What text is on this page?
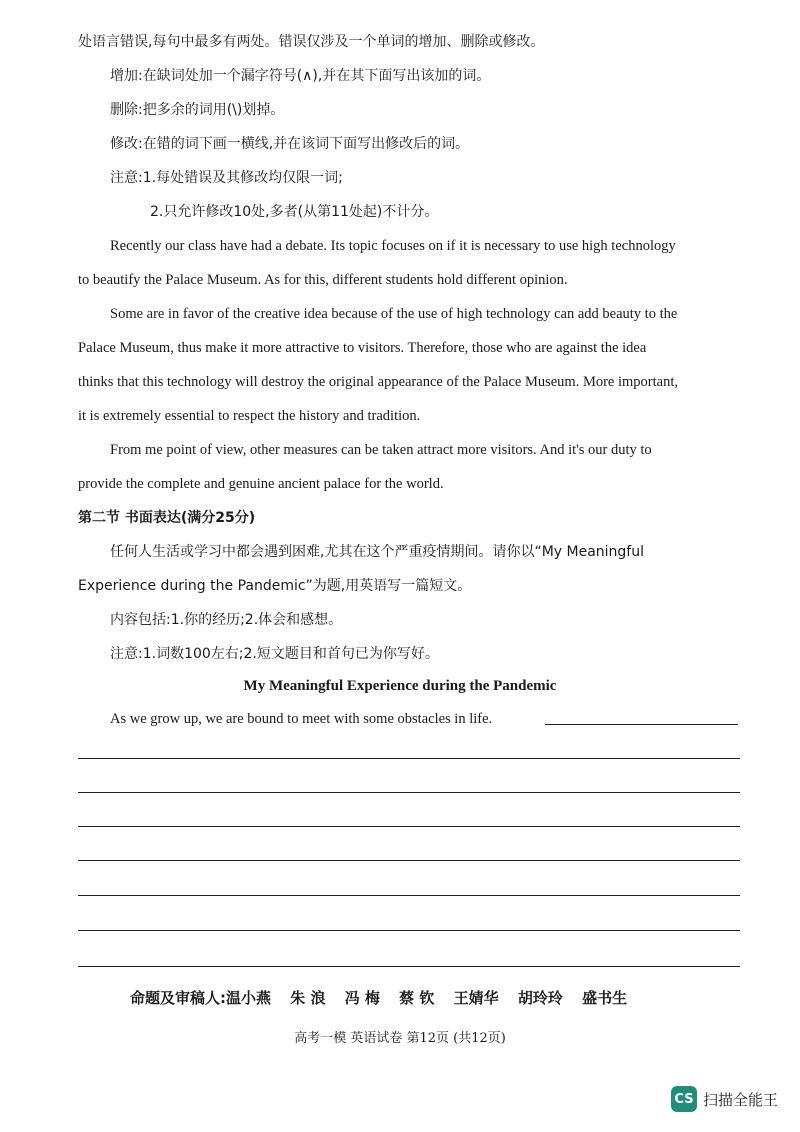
处语言错误,每句中最多有两处。错误仅涉及一个单词的增加、删除或修改。
增加:在缺词处加一个漏字符号(∧),并在其下面写出该加的词。
删除:把多余的词用(\)划掉。
修改:在错的词下画一横线,并在该词下面写出修改后的词。
注意:1.每处错误及其修改均仅限一词;
2.只允许修改10处,多者(从第11处起)不计分。
Recently our class have had a debate. Its topic focuses on if it is necessary to use high technology
to beautify the Palace Museum. As for this, different students hold different opinion.
Some are in favor of the creative idea because of the use of high technology can add beauty to the
Palace Museum, thus make it more attractive to visitors. Therefore, those who are against the idea
thinks that this technology will destroy the original appearance of the Palace Museum. More important,
it is extremely essential to respect the history and tradition.
From me point of view, other measures can be taken attract more visitors. And it's our duty to
provide the complete and genuine ancient palace for the world.
第二节 书面表达(满分25分)
任何人生活或学习中都会遇到困难,尤其在这个严重疫情期间。请你以“My Meaningful
Experience during the Pandemic”为题,用英语写一篇短文。
内容包括:1.你的经历;2.体会和感想。
注意:1.词数100左右;2.短文题目和首句已为你写好。
My Meaningful Experience during the Pandemic
As we grow up, we are bound to meet with some obstacles in life.
命题及审稿人:温小燕 朱 浪 冯 梅 蔡 钦 王婧华 胡玲玲 盛书生
高考一模 英语试卷 第12页 (共12页)
CS 扫描全能王
